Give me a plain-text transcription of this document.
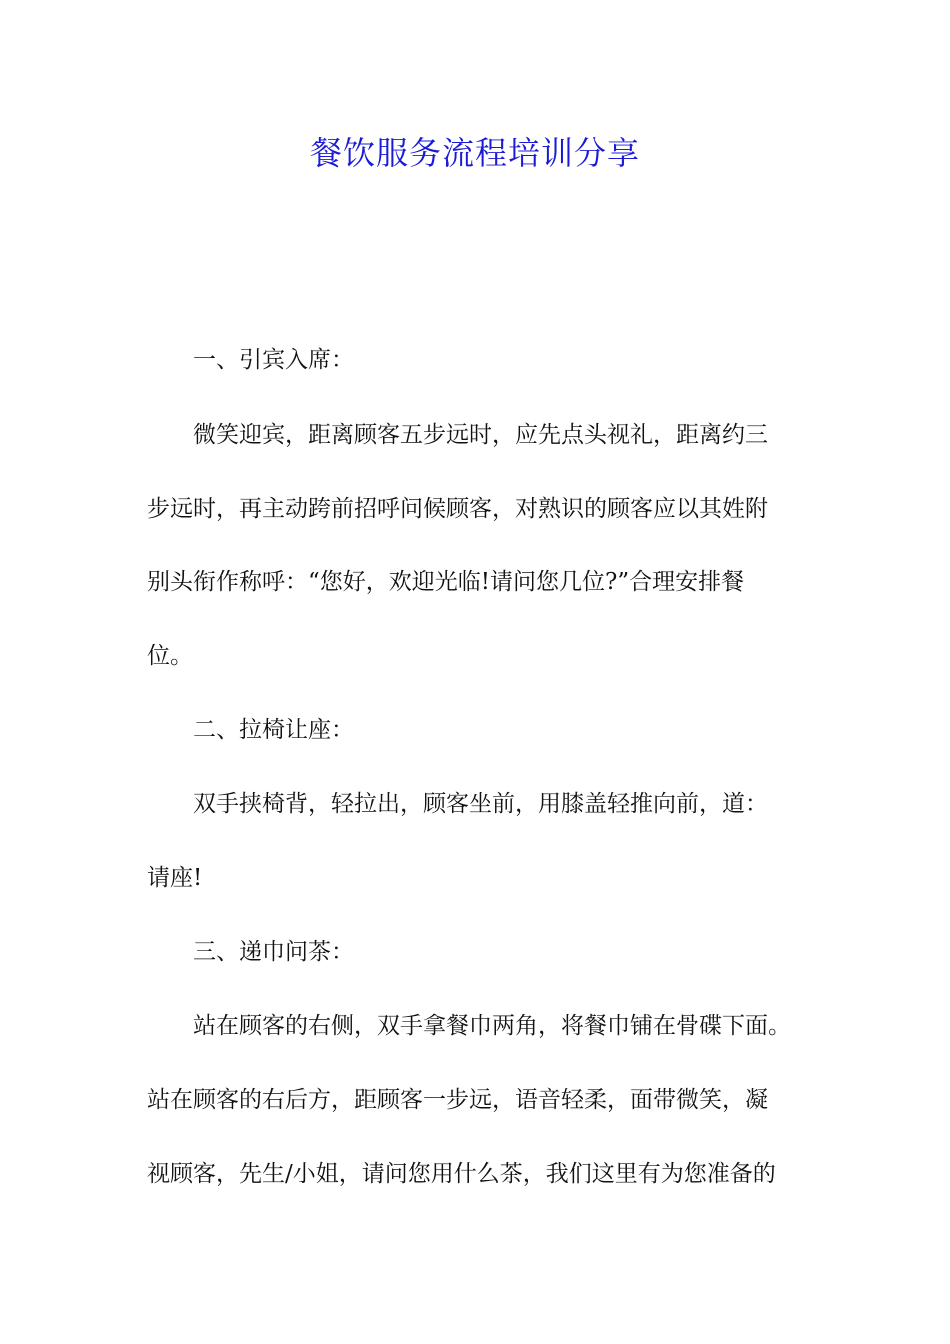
餐饮服务流程培训分享

一、引宾入席：

微笑迎宾，距离顾客五步远时，应先点头视礼，距离约三

步远时，再主动跨前招呼问候顾客，对熟识的顾客应以其姓附

别头衔作称呼：“您好，欢迎光临!请问您几位?”合理安排餐

位。

二、拉椅让座：

双手挟椅背，轻拉出，顾客坐前，用膝盖轻推向前，道：

请座!

三、递巾问茶：

站在顾客的右侧，双手拿餐巾两角，将餐巾铺在骨碟下面。

站在顾客的右后方，距顾客一步远，语音轻柔，面带微笑，凝

视顾客，先生/小姐，请问您用什么茶，我们这里有为您准备的
